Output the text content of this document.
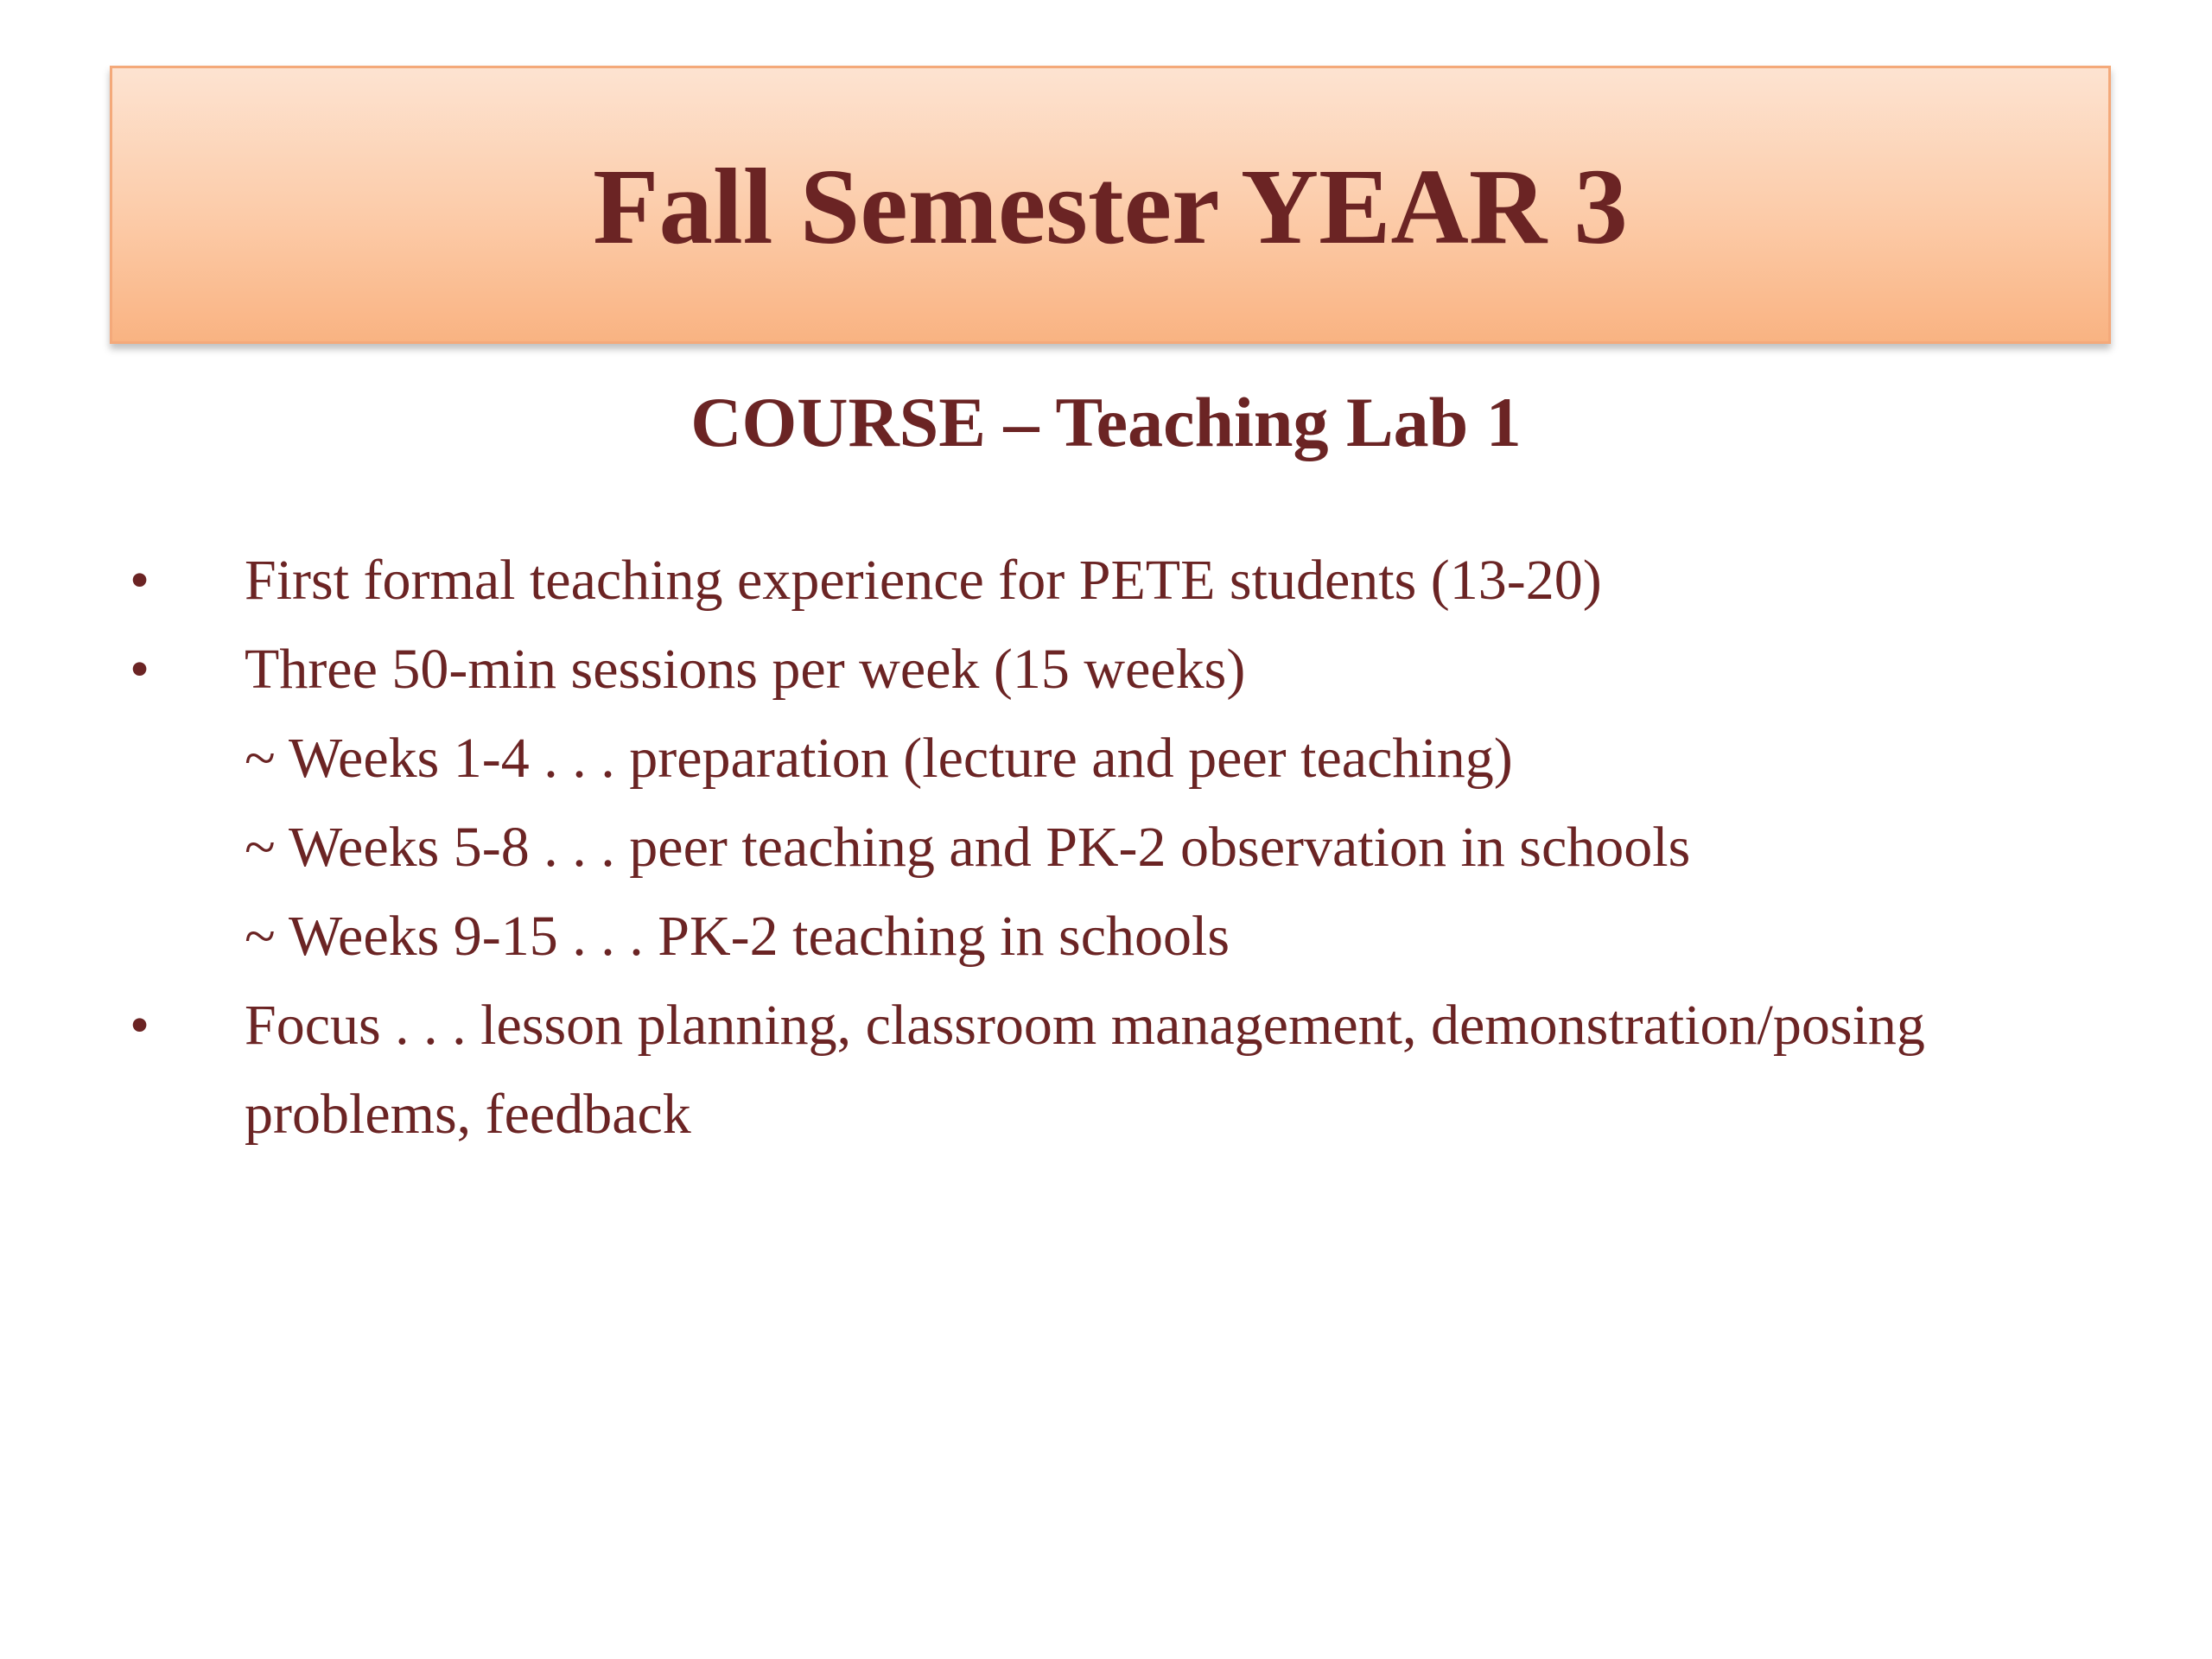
Fall Semester YEAR 3
COURSE – Teaching Lab 1
• First formal teaching experience for PETE students (13-20)
• Three 50-min sessions per week (15 weeks)
~ Weeks 1-4 . . . preparation (lecture and peer teaching)
~ Weeks 5-8 . . . peer teaching and PK-2 observation in schools
~ Weeks 9-15 . . . PK-2 teaching in schools
• Focus . . . lesson planning, classroom management, demonstration/posing problems, feedback
